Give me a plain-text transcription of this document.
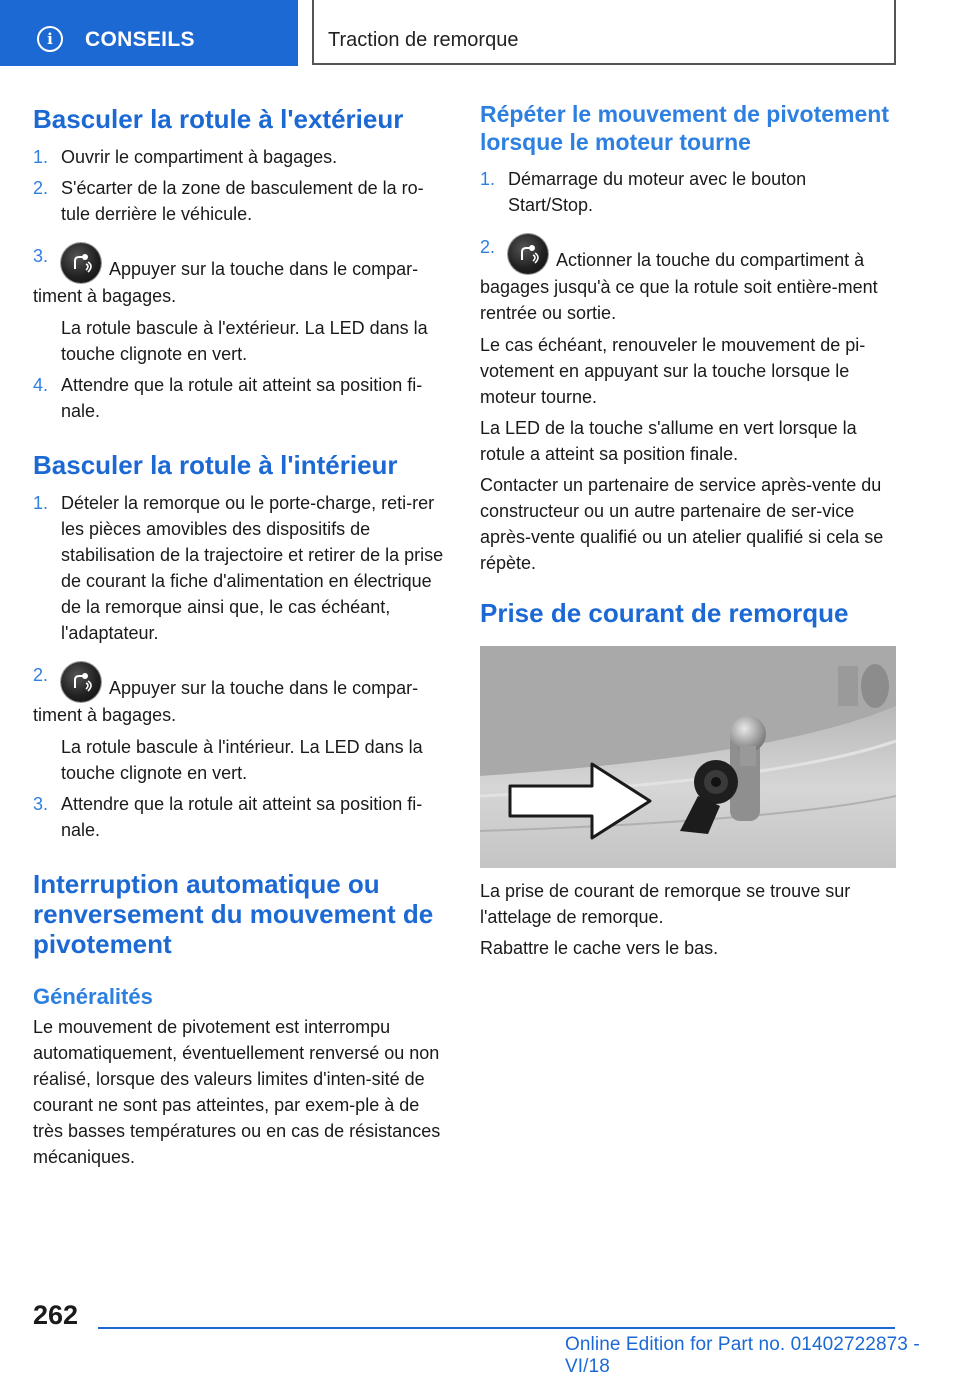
i	CONSEILS	Traction de remorque
Basculer la rotule à l'extérieur
1. Ouvrir le compartiment à bagages.
2. S'écarter de la zone de basculement de la ro‐tule derrière le véhicule.
3.
Appuyer sur la touche dans le compar‐timent à bagages.
La rotule bascule à l'extérieur. La LED dans la touche clignote en vert.
4. Attendre que la rotule ait atteint sa position fi‐nale.
Basculer la rotule à l'intérieur
1. Dételer la remorque ou le porte-charge, reti‐rer les pièces amovibles des dispositifs de stabilisation de la trajectoire et retirer de la prise de courant la fiche d'alimentation en électrique de la remorque ainsi que, le cas échéant, l'adaptateur.
2.
Appuyer sur la touche dans le compar‐timent à bagages.
La rotule bascule à l'intérieur. La LED dans la touche clignote en vert.
3. Attendre que la rotule ait atteint sa position fi‐nale.
Interruption automatique ou renversement du mouvement de pivotement
Généralités

Le mouvement de pivotement est interrompu automatiquement, éventuellement renversé ou non réalisé, lorsque des valeurs limites d'inten‐sité de courant ne sont pas atteintes, par exem‐ple à de très basses températures ou en cas de résistances mécaniques.

Répéter le mouvement de pivotement lorsque le moteur tourne
1. Démarrage du moteur avec le bouton Start/Stop.
2.
Actionner la touche du compartiment à bagages jusqu'à ce que la rotule soit entière‐ment rentrée ou sortie.

Le cas échéant, renouveler le mouvement de pi‐votement en appuyant sur la touche lorsque le moteur tourne.

La LED de la touche s'allume en vert lorsque la rotule a atteint sa position finale.

Contacter un partenaire de service après-vente du constructeur ou un autre partenaire de ser‐vice après-vente qualifié ou un atelier qualifié si cela se répète.

Prise de courant de remorque

La prise de courant de remorque se trouve sur l'attelage de remorque.

Rabattre le cache vers le bas.

262
Online Edition for Part no. 01402722873 - VI/18
